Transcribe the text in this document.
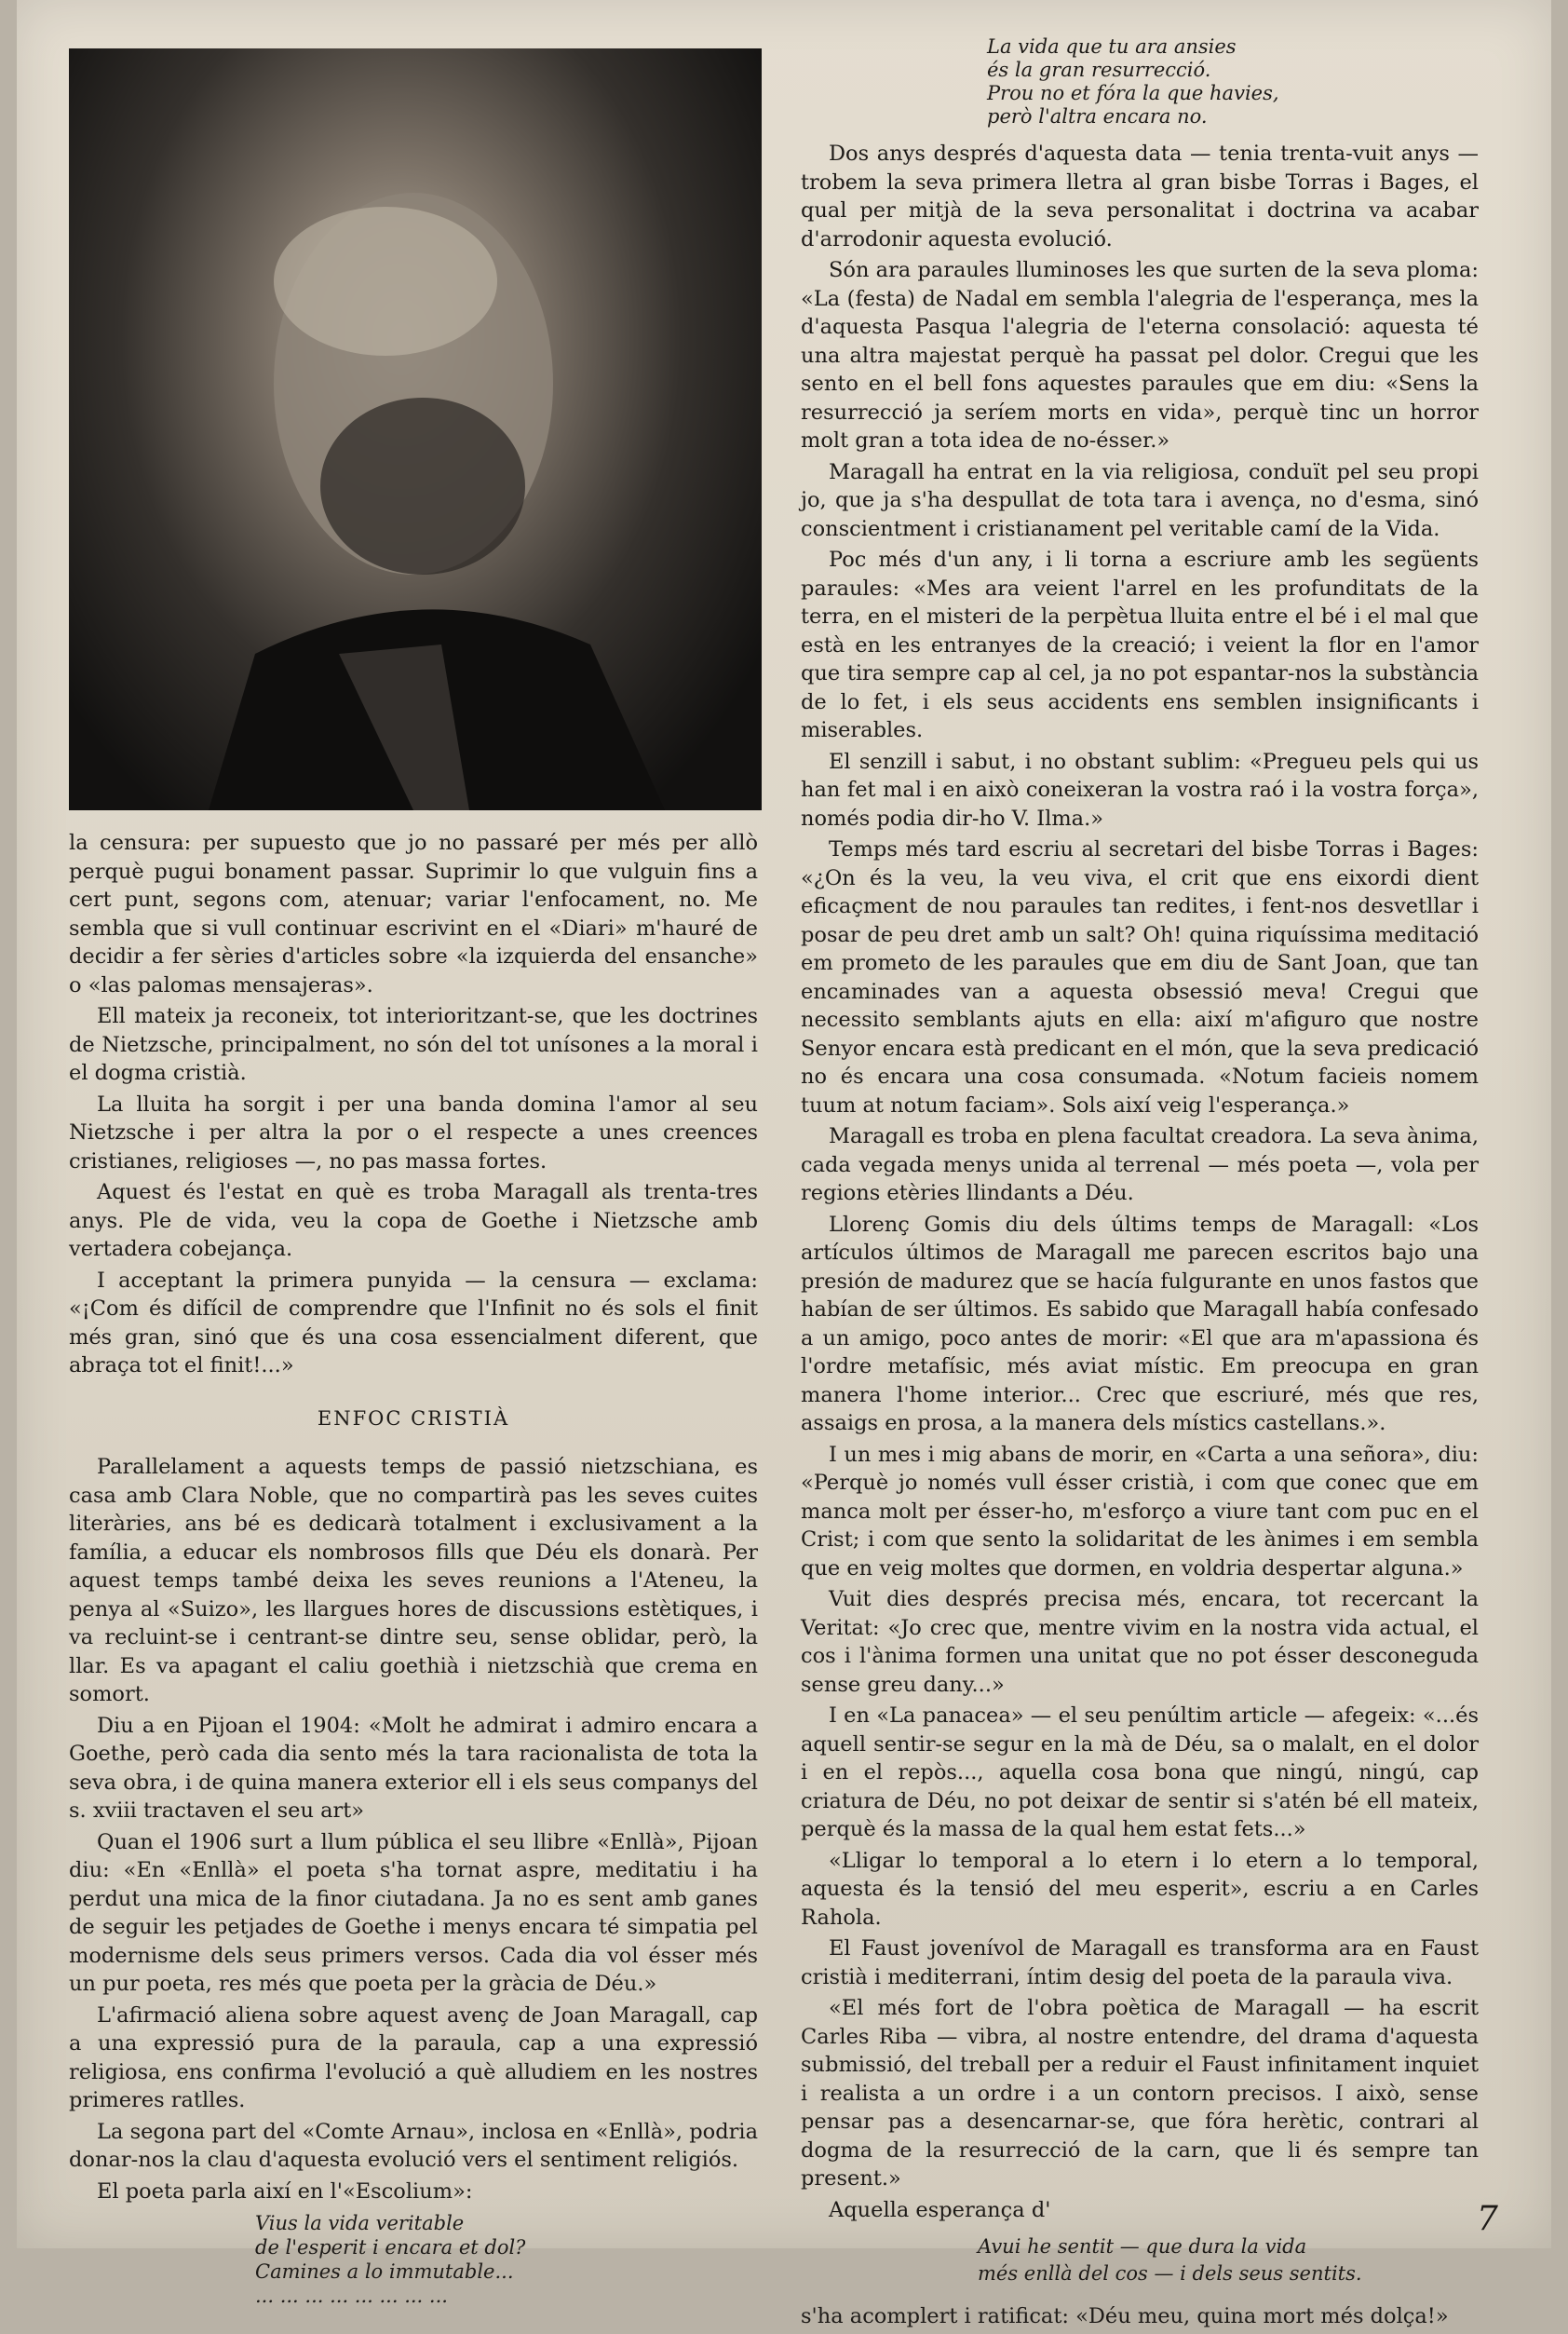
la censura: per supuesto que jo no passaré per més per allò perquè pugui bonament passar. Suprimir lo que vulguin fins a cert punt, segons com, atenuar; variar l'enfocament, no. Me sembla que si vull continuar escrivint en el «Diari» m'hauré de decidir a fer sèries d'articles sobre «la izquierda del ensanche» o «las palomas mensajeras».

Ell mateix ja reconeix, tot interioritzant-se, que les doctrines de Nietzsche, principalment, no són del tot unísones a la moral i el dogma cristià.

La lluita ha sorgit i per una banda domina l'amor al seu Nietzsche i per altra la por o el respecte a unes creences cristianes, religioses —, no pas massa fortes.

Aquest és l'estat en què es troba Maragall als trenta-tres anys. Ple de vida, veu la copa de Goethe i Nietzsche amb vertadera cobejança.

I acceptant la primera punyida — la censura — exclama: «¡Com és difícil de comprendre que l'Infinit no és sols el finit més gran, sinó que és una cosa essencialment diferent, que abraça tot el finit!...»

ENFOC CRISTIÀ

Parallelament a aquests temps de passió nietzschiana, es casa amb Clara Noble, que no compartirà pas les seves cuites literàries, ans bé es dedicarà totalment i exclusivament a la família, a educar els nombrosos fills que Déu els donarà. Per aquest temps també deixa les seves reunions a l'Ateneu, la penya al «Suizo», les llargues hores de discussions estètiques, i va recluint-se i centrant-se dintre seu, sense oblidar, però, la llar. Es va apagant el caliu goethià i nietzschià que crema en somort.

Diu a en Pijoan el 1904: «Molt he admirat i admiro encara a Goethe, però cada dia sento més la tara racionalista de tota la seva obra, i de quina manera exterior ell i els seus companys del s. xviii tractaven el seu art»

Quan el 1906 surt a llum pública el seu llibre «Enllà», Pijoan diu: «En «Enllà» el poeta s'ha tornat aspre, meditatiu i ha perdut una mica de la finor ciutadana. Ja no es sent amb ganes de seguir les petjades de Goethe i menys encara té simpatia pel modernisme dels seus primers versos. Cada dia vol ésser més un pur poeta, res més que poeta per la gràcia de Déu.»

L'afirmació aliena sobre aquest avenç de Joan Maragall, cap a una expressió pura de la paraula, cap a una expressió religiosa, ens confirma l'evolució a què alludiem en les nostres primeres ratlles.

La segona part del «Comte Arnau», inclosa en «Enllà», podria donar-nos la clau d'aquesta evolució vers el sentiment religiós.

El poeta parla així en l'«Escolium»:

Vius la vida veritable
de l'esperit i encara et dol?
Camines a lo immutable...
... ... ... ... ... ... ... ...
La vida que tu ara ansies
és la gran resurrecció.
Prou no et fóra la que havies,
però l'altra encara no.

Dos anys després d'aquesta data — tenia trenta-vuit anys — trobem la seva primera lletra al gran bisbe Torras i Bages, el qual per mitjà de la seva personalitat i doctrina va acabar d'arrodonir aquesta evolució.

Són ara paraules lluminoses les que surten de la seva ploma: «La (festa) de Nadal em sembla l'alegria de l'esperança, mes la d'aquesta Pasqua l'alegria de l'eterna consolació: aquesta té una altra majestat perquè ha passat pel dolor. Cregui que les sento en el bell fons aquestes paraules que em diu: «Sens la resurrecció ja seríem morts en vida», perquè tinc un horror molt gran a tota idea de no-ésser.»

Maragall ha entrat en la via religiosa, conduït pel seu propi jo, que ja s'ha despullat de tota tara i avença, no d'esma, sinó conscientment i cristianament pel veritable camí de la Vida.

Poc més d'un any, i li torna a escriure amb les següents paraules: «Mes ara veient l'arrel en les profunditats de la terra, en el misteri de la perpètua lluita entre el bé i el mal que està en les entranyes de la creació; i veient la flor en l'amor que tira sempre cap al cel, ja no pot espantar-nos la substància de lo fet, i els seus accidents ens semblen insignificants i miserables.

El senzill i sabut, i no obstant sublim: «Pregueu pels qui us han fet mal i en això coneixeran la vostra raó i la vostra força», només podia dir-ho V. Ilma.»

Temps més tard escriu al secretari del bisbe Torras i Bages: «¿On és la veu, la veu viva, el crit que ens eixordi dient eficaçment de nou paraules tan redites, i fent-nos desvetllar i posar de peu dret amb un salt? Oh! quina riquíssima meditació em prometo de les paraules que em diu de Sant Joan, que tan encaminades van a aquesta obsessió meva! Cregui que necessito semblants ajuts en ella: així m'afiguro que nostre Senyor encara està predicant en el món, que la seva predicació no és encara una cosa consumada. «Notum facieis nomem tuum at notum faciam». Sols així veig l'esperança.»

Maragall es troba en plena facultat creadora. La seva ànima, cada vegada menys unida al terrenal — més poeta —, vola per regions etèries llindants a Déu.

Llorenç Gomis diu dels últims temps de Maragall: «Los artículos últimos de Maragall me parecen escritos bajo una presión de madurez que se hacía fulgurante en unos fastos que habían de ser últimos. Es sabido que Maragall había confesado a un amigo, poco antes de morir: «El que ara m'apassiona és l'ordre metafísic, més aviat místic. Em preocupa en gran manera l'home interior... Crec que escriuré, més que res, assaigs en prosa, a la manera dels místics castellans.».

I un mes i mig abans de morir, en «Carta a una señora», diu: «Perquè jo només vull ésser cristià, i com que conec que em manca molt per ésser-ho, m'esforço a viure tant com puc en el Crist; i com que sento la solidaritat de les ànimes i em sembla que en veig moltes que dormen, en voldria despertar alguna.»

Vuit dies després precisa més, encara, tot recercant la Veritat: «Jo crec que, mentre vivim en la nostra vida actual, el cos i l'ànima formen una unitat que no pot ésser desconeguda sense greu dany...»

I en «La panacea» — el seu penúltim article — afegeix: «...és aquell sentir-se segur en la mà de Déu, sa o malalt, en el dolor i en el repòs..., aquella cosa bona que ningú, ningú, cap criatura de Déu, no pot deixar de sentir si s'atén bé ell mateix, perquè és la massa de la qual hem estat fets...»

«Lligar lo temporal a lo etern i lo etern a lo temporal, aquesta és la tensió del meu esperit», escriu a en Carles Rahola.

El Faust jovenívol de Maragall es transforma ara en Faust cristià i mediterrani, íntim desig del poeta de la paraula viva.

«El més fort de l'obra poètica de Maragall — ha escrit Carles Riba — vibra, al nostre entendre, del drama d'aquesta submissió, del treball per a reduir el Faust infinitament inquiet i realista a un ordre i a un contorn precisos. I això, sense pensar pas a desencarnar-se, que fóra herètic, contrari al dogma de la resurrecció de la carn, que li és sempre tan present.»

Aquella esperança d'

Avui he sentit — que dura la vida
més enllà del cos — i dels seus sentits.

s'ha acomplert i ratificat: «Déu meu, quina mort més dolça!»

7
